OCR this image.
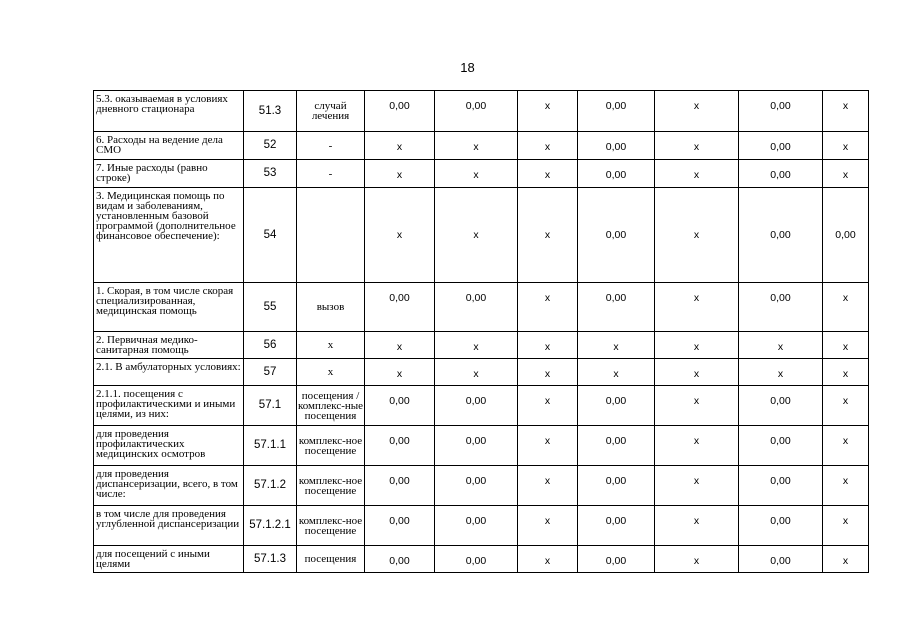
18
5.3. оказываемая в условиях дневного стационара	51.3	случай лечения	0,00	0,00	x	0,00	x	0,00	x
6. Расходы на ведение дела СМО	52	-	x	x	x	0,00	x	0,00	x
7. Иные расходы (равно строке)	53	-	x	x	x	0,00	x	0,00	x
3. Медицинская помощь по видам и заболеваниям, установленным базовой программой (дополнительное финансовое обеспечение):	54		x	x	x	0,00	x	0,00	0,00
1. Скорая, в том числе скорая специализированная, медицинская помощь	55	вызов	0,00	0,00	x	0,00	x	0,00	x
2. Первичная медико-санитарная помощь	56	x	x	x	x	x	x	x	x
2.1. В амбулаторных условиях:	57	x	x	x	x	x	x	x	x
2.1.1. посещения с профилактическими и иными целями, из них:	57.1	посещения / комплекс-ные посещения	0,00	0,00	x	0,00	x	0,00	x
для проведения профилактических медицинских осмотров	57.1.1	комплекс-ное посещение	0,00	0,00	x	0,00	x	0,00	x
для проведения диспансеризации, всего, в том числе:	57.1.2	комплекс-ное посещение	0,00	0,00	x	0,00	x	0,00	x
в том числе для проведения углубленной диспансеризации	57.1.2.1	комплекс-ное посещение	0,00	0,00	x	0,00	x	0,00	x
для посещений с иными целями	57.1.3	посещения	0,00	0,00	x	0,00	x	0,00	x
